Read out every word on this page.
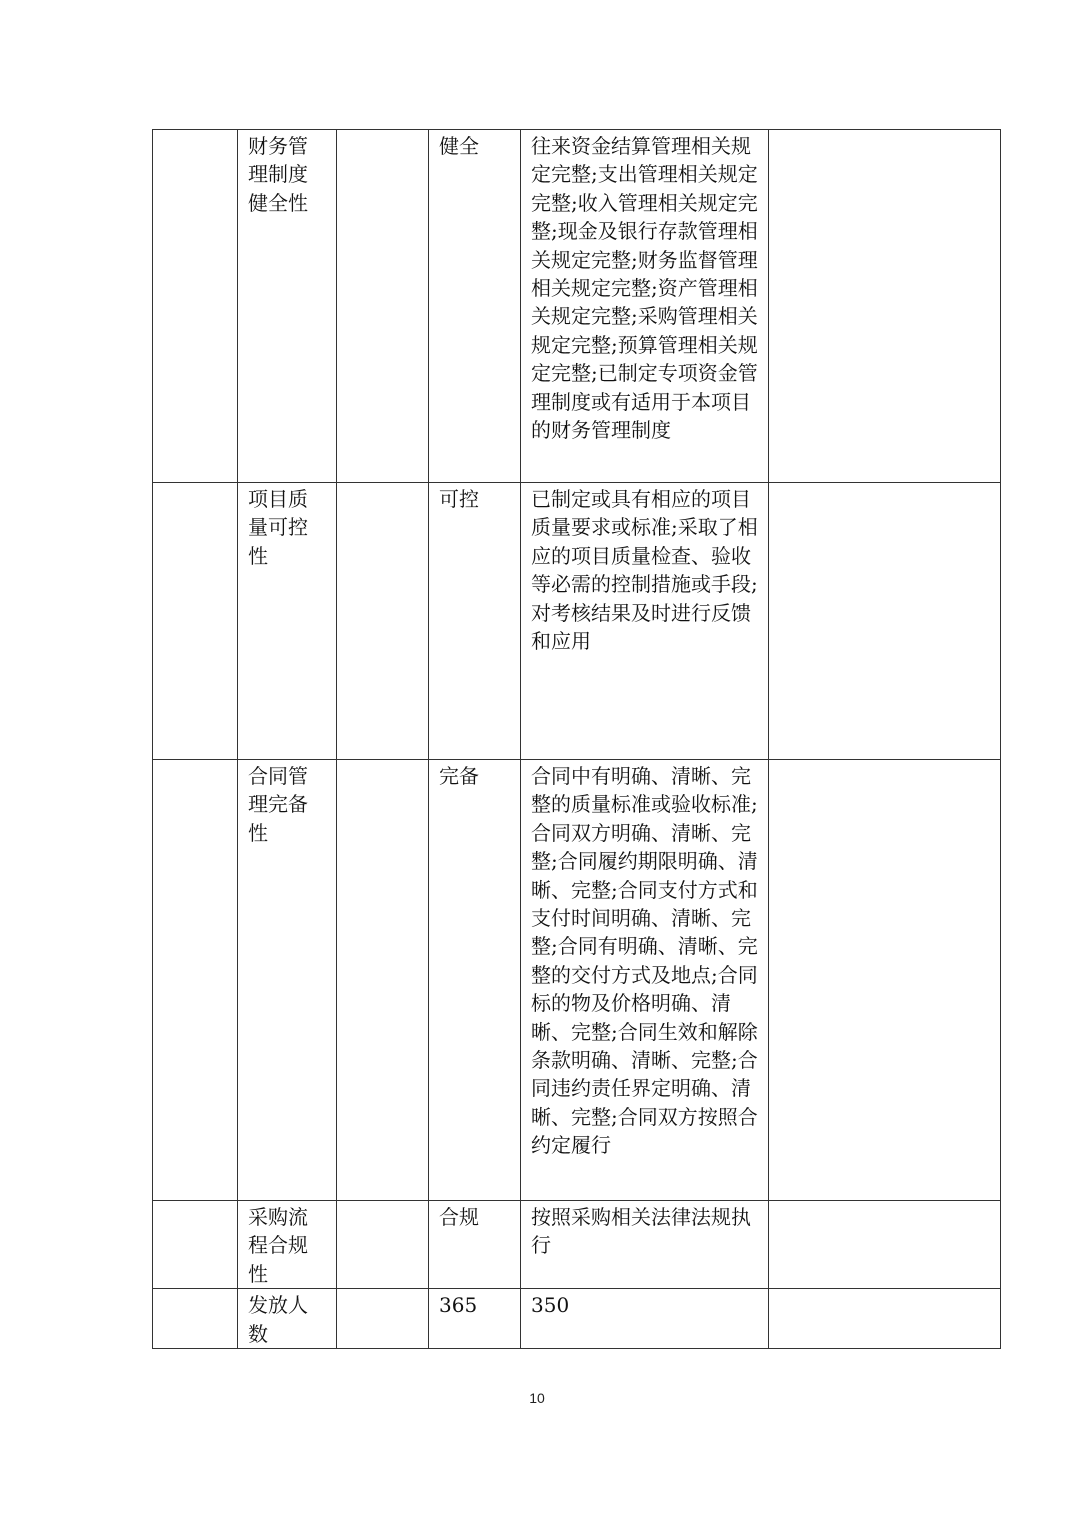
	财务管理制度健全性		健全	往来资金结算管理相关规定完整;支出管理相关规定完整;收入管理相关规定完整;现金及银行存款管理相关规定完整;财务监督管理相关规定完整;资产管理相关规定完整;采购管理相关规定完整;预算管理相关规定完整;已制定专项资金管理制度或有适用于本项目的财务管理制度	
	项目质量可控性		可控	已制定或具有相应的项目质量要求或标准;采取了相应的项目质量检查、验收等必需的控制措施或手段;对考核结果及时进行反馈和应用	
	合同管理完备性		完备	合同中有明确、清晰、完整的质量标准或验收标准;合同双方明确、清晰、完整;合同履约期限明确、清晰、完整;合同支付方式和支付时间明确、清晰、完整;合同有明确、清晰、完整的交付方式及地点;合同标的物及价格明确、清晰、完整;合同生效和解除条款明确、清晰、完整;合同违约责任界定明确、清晰、完整;合同双方按照合约定履行	
	采购流程合规性		合规	按照采购相关法律法规执行	
	发放人数		365	350	
10
